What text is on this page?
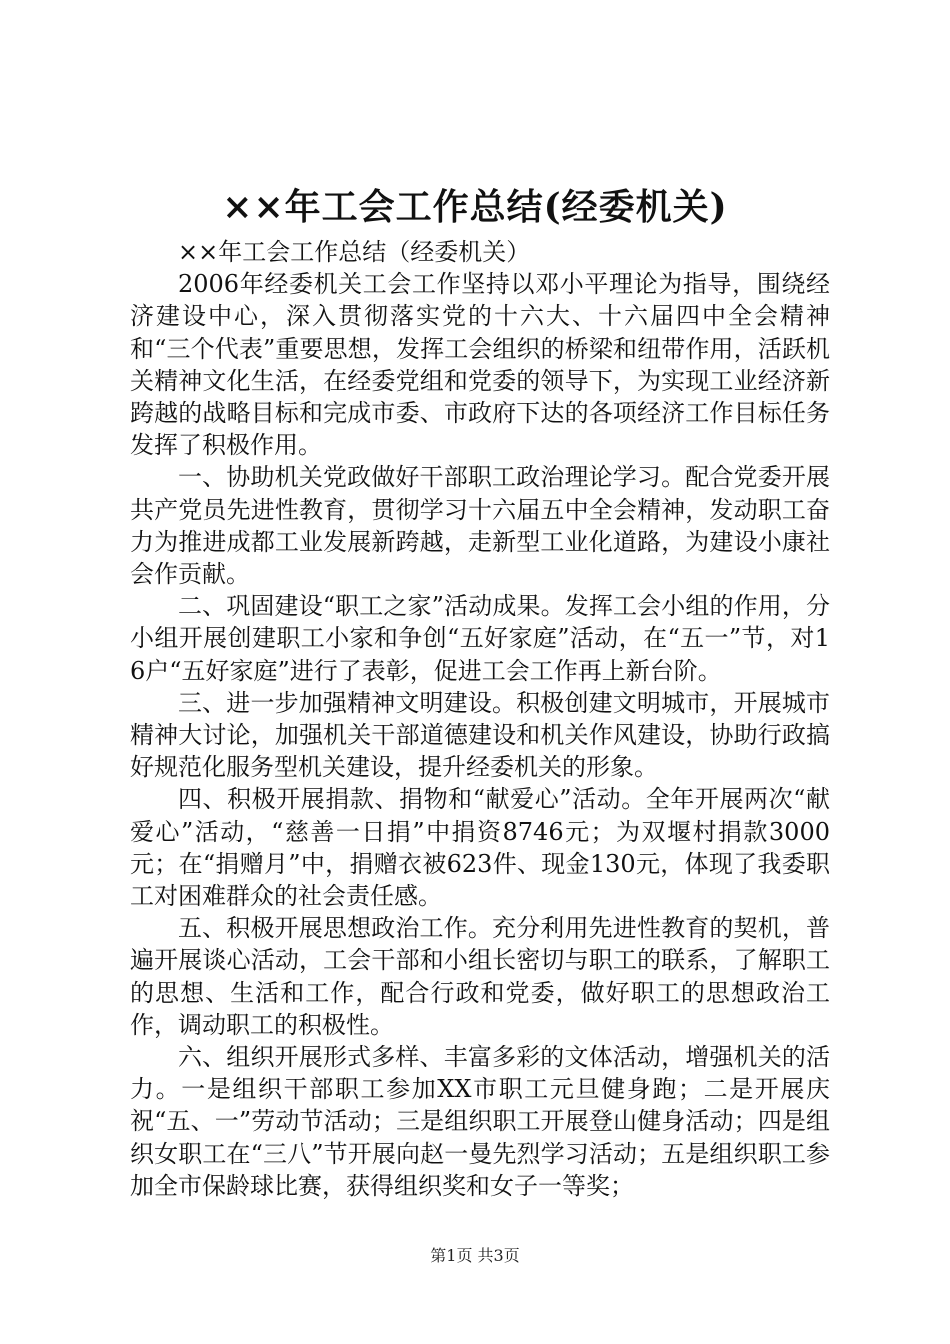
××年工会工作总结(经委机关)

××年工会工作总结（经委机关）

2006年经委机关工会工作坚持以邓小平理论为指导，围绕经济建设中心，深入贯彻落实党的十六大、十六届四中全会精神和“三个代表”重要思想，发挥工会组织的桥梁和纽带作用，活跃机关精神文化生活，在经委党组和党委的领导下，为实现工业经济新跨越的战略目标和完成市委、市政府下达的各项经济工作目标任务发挥了积极作用。

一、协助机关党政做好干部职工政治理论学习。配合党委开展共产党员先进性教育，贯彻学习十六届五中全会精神，发动职工奋力为推进成都工业发展新跨越，走新型工业化道路，为建设小康社会作贡献。

二、巩固建设“职工之家”活动成果。发挥工会小组的作用，分小组开展创建职工小家和争创“五好家庭”活动，在“五一”节，对16户“五好家庭”进行了表彰，促进工会工作再上新台阶。

三、进一步加强精神文明建设。积极创建文明城市，开展城市精神大讨论，加强机关干部道德建设和机关作风建设，协助行政搞好规范化服务型机关建设，提升经委机关的形象。

四、积极开展捐款、捐物和“献爱心”活动。全年开展两次“献爱心”活动，“慈善一日捐”中捐资8746元；为双堰村捐款3000元；在“捐赠月”中，捐赠衣被623件、现金130元，体现了我委职工对困难群众的社会责任感。

五、积极开展思想政治工作。充分利用先进性教育的契机，普遍开展谈心活动，工会干部和小组长密切与职工的联系，了解职工的思想、生活和工作，配合行政和党委，做好职工的思想政治工作，调动职工的积极性。

六、组织开展形式多样、丰富多彩的文体活动，增强机关的活力。一是组织干部职工参加XX市职工元旦健身跑；二是开展庆祝“五、一”劳动节活动；三是组织职工开展登山健身活动；四是组织女职工在“三八”节开展向赵一曼先烈学习活动；五是组织职工参加全市保龄球比赛，获得组织奖和女子一等奖；

第1页 共3页
